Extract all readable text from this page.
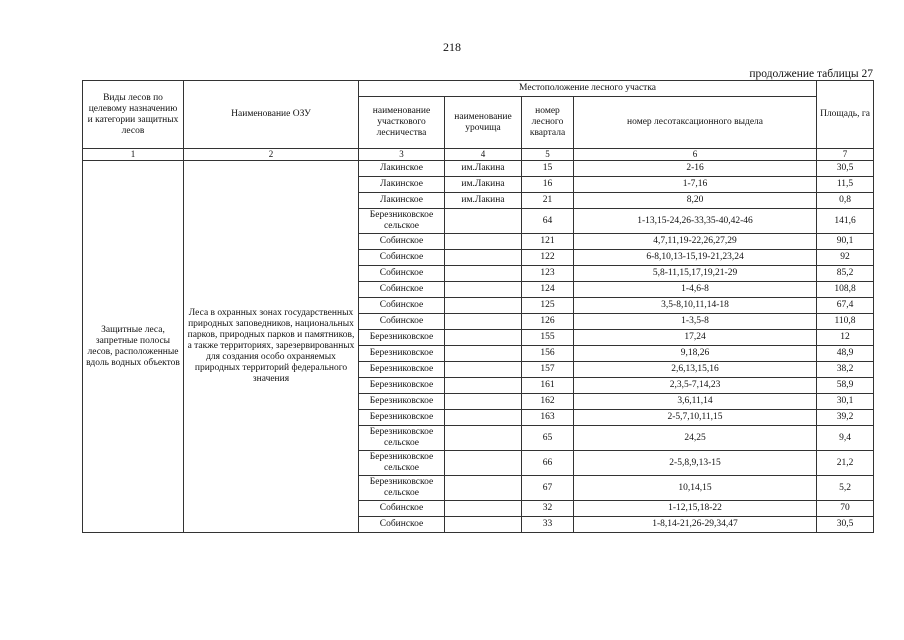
218
продолжение таблицы 27
Виды лесов по целевому назначению и категории защитных лесов	Наименование ОЗУ	Местоположение лесного участка				Площадь, га
		наименование участкового лесничества	наименование урочища	номер лесного квартала	номер лесотаксационного выдела	
1	2	3	4	5	6	7
Защитные леса, запретные полосы лесов, расположенные вдоль водных объектов	Леса в охранных зонах государственных природных заповедников, национальных парков, природных парков и памятников, а также территориях, зарезервированных для создания особо охраняемых природных территорий федерального значения	Лакинское	им.Лакина	15	2-16	30,5
		Лакинское	им.Лакина	16	1-7,16	11,5
		Лакинское	им.Лакина	21	8,20	0,8
		Березниковское сельское		64	1-13,15-24,26-33,35-40,42-46	141,6
		Собинское		121	4,7,11,19-22,26,27,29	90,1
		Собинское		122	6-8,10,13-15,19-21,23,24	92
		Собинское		123	5,8-11,15,17,19,21-29	85,2
		Собинское		124	1-4,6-8	108,8
		Собинское		125	3,5-8,10,11,14-18	67,4
		Собинское		126	1-3,5-8	110,8
		Березниковское		155	17,24	12
		Березниковское		156	9,18,26	48,9
		Березниковское		157	2,6,13,15,16	38,2
		Березниковское		161	2,3,5-7,14,23	58,9
		Березниковское		162	3,6,11,14	30,1
		Березниковское		163	2-5,7,10,11,15	39,2
		Березниковское сельское		65	24,25	9,4
		Березниковское сельское		66	2-5,8,9,13-15	21,2
		Березниковское сельское		67	10,14,15	5,2
		Собинское		32	1-12,15,18-22	70
		Собинское		33	1-8,14-21,26-29,34,47	30,5
